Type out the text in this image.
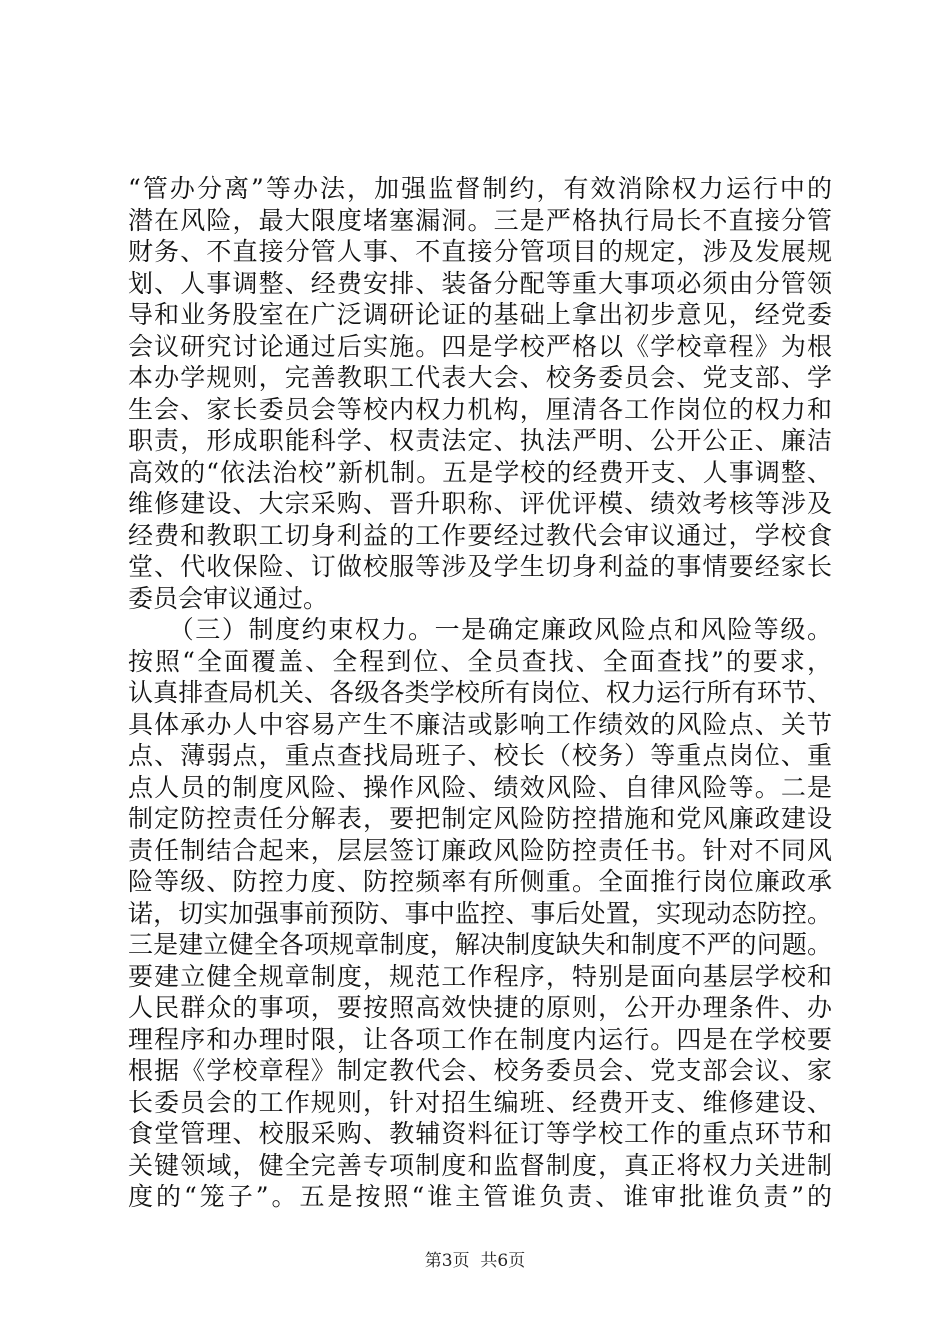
“管办分离”等办法，加强监督制约，有效消除权力运行中的
潜在风险，最大限度堵塞漏洞。三是严格执行局长不直接分管
财务、不直接分管人事、不直接分管项目的规定，涉及发展规
划、人事调整、经费安排、装备分配等重大事项必须由分管领
导和业务股室在广泛调研论证的基础上拿出初步意见，经党委
会议研究讨论通过后实施。四是学校严格以《学校章程》为根
本办学规则，完善教职工代表大会、校务委员会、党支部、学
生会、家长委员会等校内权力机构，厘清各工作岗位的权力和
职责，形成职能科学、权责法定、执法严明、公开公正、廉洁
高效的“依法治校”新机制。五是学校的经费开支、人事调整、
维修建设、大宗采购、晋升职称、评优评模、绩效考核等涉及
经费和教职工切身利益的工作要经过教代会审议通过，学校食
堂、代收保险、订做校服等涉及学生切身利益的事情要经家长
委员会审议通过。
　　（三）制度约束权力。一是确定廉政风险点和风险等级。
按照“全面覆盖、全程到位、全员查找、全面查找”的要求，
认真排查局机关、各级各类学校所有岗位、权力运行所有环节、
具体承办人中容易产生不廉洁或影响工作绩效的风险点、关节
点、薄弱点，重点查找局班子、校长（校务）等重点岗位、重
点人员的制度风险、操作风险、绩效风险、自律风险等。二是
制定防控责任分解表，要把制定风险防控措施和党风廉政建设
责任制结合起来，层层签订廉政风险防控责任书。针对不同风
险等级、防控力度、防控频率有所侧重。全面推行岗位廉政承
诺，切实加强事前预防、事中监控、事后处置，实现动态防控。
三是建立健全各项规章制度，解决制度缺失和制度不严的问题。
要建立健全规章制度，规范工作程序，特别是面向基层学校和
人民群众的事项，要按照高效快捷的原则，公开办理条件、办
理程序和办理时限，让各项工作在制度内运行。四是在学校要
根据《学校章程》制定教代会、校务委员会、党支部会议、家
长委员会的工作规则，针对招生编班、经费开支、维修建设、
食堂管理、校服采购、教辅资料征订等学校工作的重点环节和
关键领域，健全完善专项制度和监督制度，真正将权力关进制
度的“笼子”。五是按照“谁主管谁负责、谁审批谁负责”的
第3页  共6页
